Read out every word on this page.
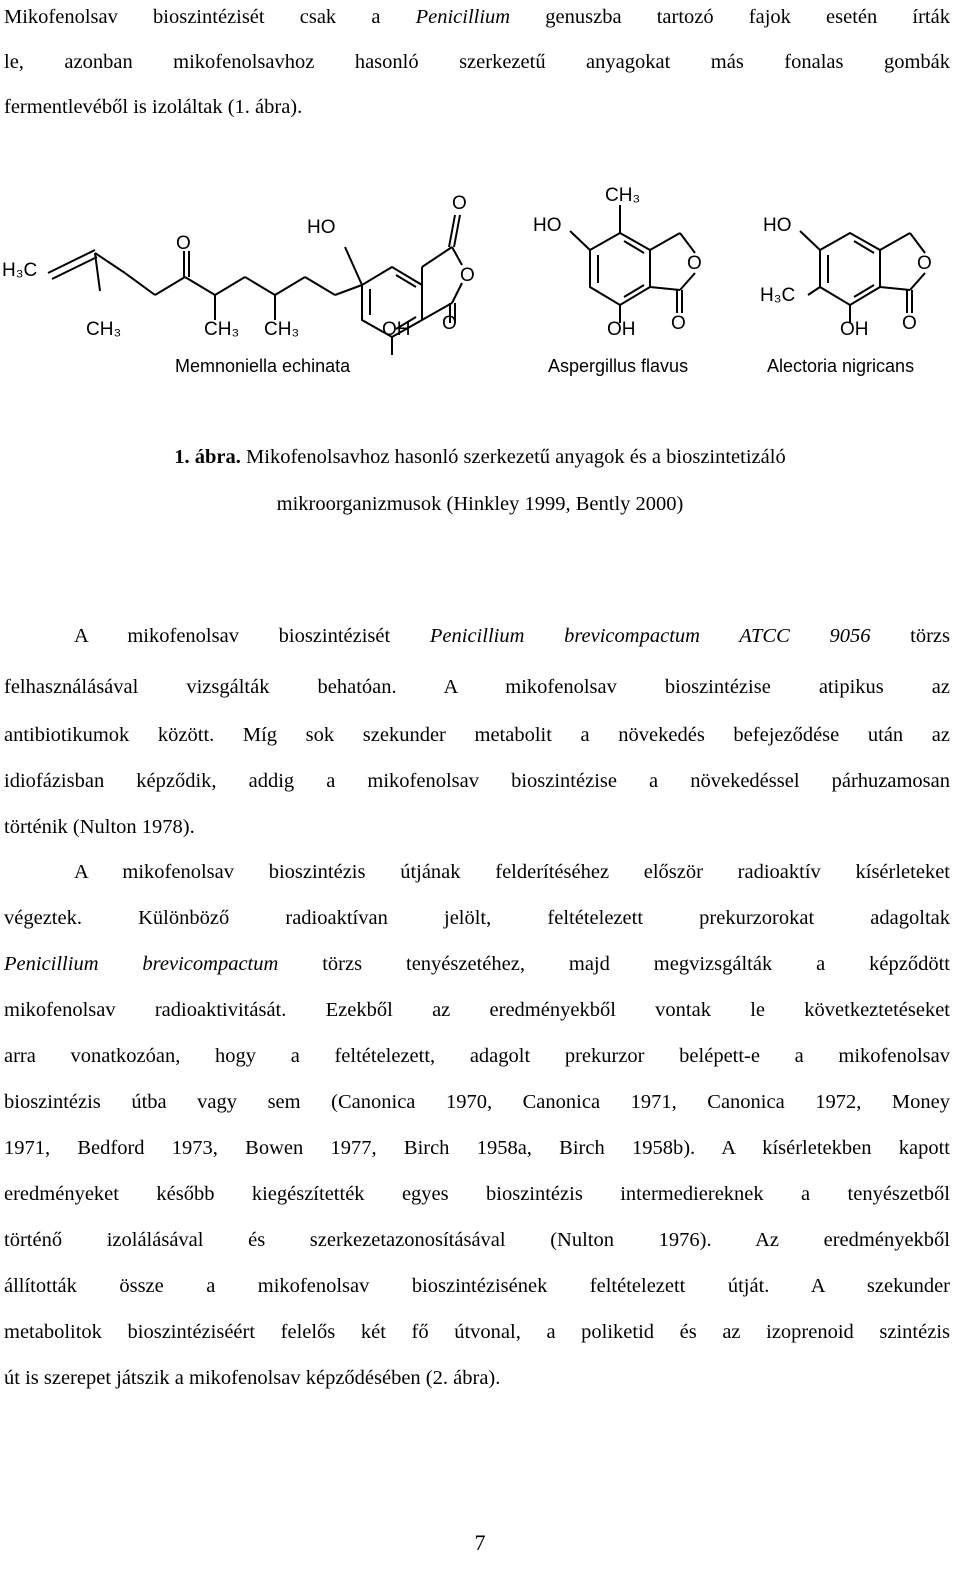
Mikofenolsav bioszintézisét csak a Penicillium genuszba tartozó fajok esetén írták
le, azonban mikofenolsavhoz hasonló szerkezetű anyagokat más fonalas gombák
fermentlevéből is izoláltak (1. ábra).
H₃C
CH₃
O
CH₃ CH₃
HO
O
O
OH O
HO
CH₃
O
OH O
HO
O
H₃C
OH O
Memnoniella echinata	Aspergillus flavus	Alectoria nigricans
1. ábra. Mikofenolsavhoz hasonló szerkezetű anyagok és a bioszintetizáló
mikroorganizmusok (Hinkley 1999, Bently 2000)
A mikofenolsav bioszintézisét Penicillium brevicompactum ATCC 9056 törzs
felhasználásával vizsgálták behatóan. A mikofenolsav bioszintézise atipikus az
antibiotikumok között. Míg sok szekunder metabolit a növekedés befejeződése után az
idiofázisban képződik, addig a mikofenolsav bioszintézise a növekedéssel párhuzamosan
történik (Nulton 1978).
A mikofenolsav bioszintézis útjának felderítéséhez először radioaktív kísérleteket
végeztek. Különböző radioaktívan jelölt, feltételezett prekurzorokat adagoltak
Penicillium brevicompactum törzs tenyészetéhez, majd megvizsgálták a képződött
mikofenolsav radioaktivitását. Ezekből az eredményekből vontak le következtetéseket
arra vonatkozóan, hogy a feltételezett, adagolt prekurzor belépett-e a mikofenolsav
bioszintézis útba vagy sem (Canonica 1970, Canonica 1971, Canonica 1972, Money
1971, Bedford 1973, Bowen 1977, Birch 1958a, Birch 1958b). A kísérletekben kapott
eredményeket később kiegészítették egyes bioszintézis intermediereknek a tenyészetből
történő izolálásával és szerkezetazonosításával (Nulton 1976). Az eredményekből
állították össze a mikofenolsav bioszintézisének feltételezett útját. A szekunder
metabolitok bioszintéziséért felelős két fő útvonal, a poliketid és az izoprenoid szintézis
út is szerepet játszik a mikofenolsav képződésében (2. ábra).
7
